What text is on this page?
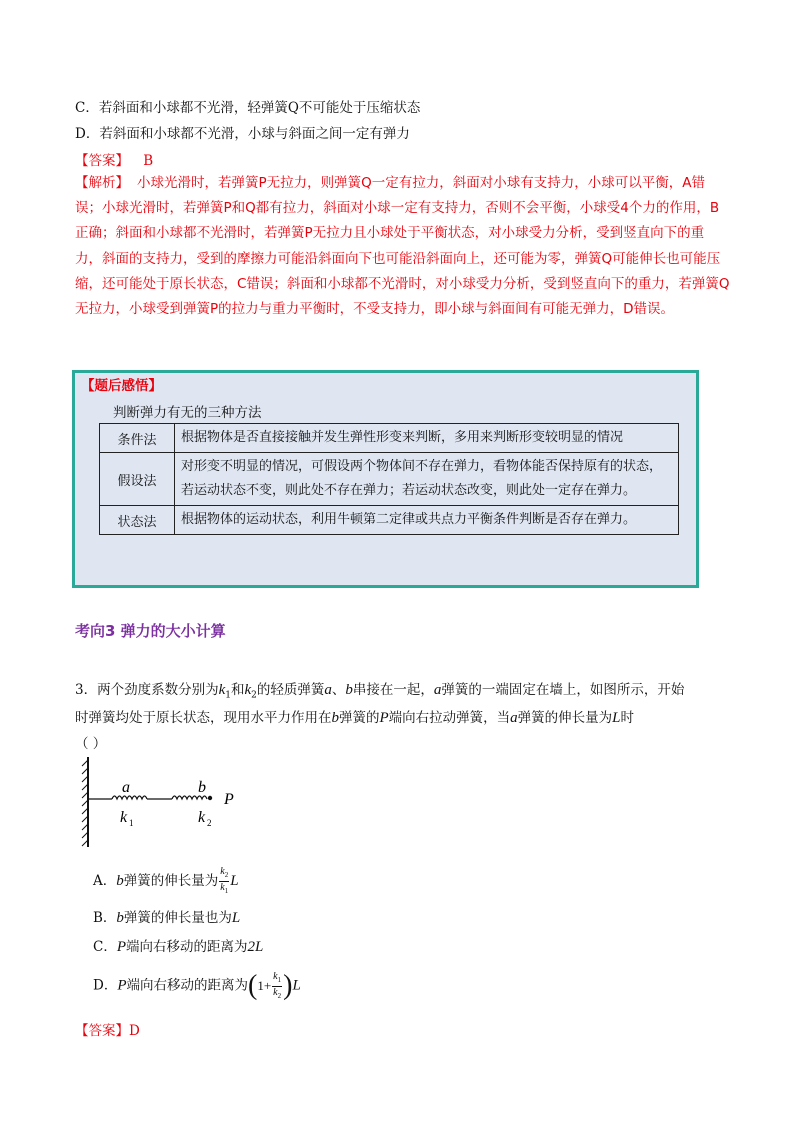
C．若斜面和小球都不光滑，轻弹簧Q不可能处于压缩状态
D．若斜面和小球都不光滑，小球与斜面之间一定有弹力
【答案】 B
【解析】 小球光滑时，若弹簧P无拉力，则弹簧Q一定有拉力，斜面对小球有支持力，小球可以平衡，A错误；小球光滑时，若弹簧P和Q都有拉力，斜面对小球一定有支持力，否则不会平衡，小球受4个力的作用，B正确；斜面和小球都不光滑时，若弹簧P无拉力且小球处于平衡状态，对小球受力分析，受到竖直向下的重力，斜面的支持力，受到的摩擦力可能沿斜面向下也可能沿斜面向上，还可能为零，弹簧Q可能伸长也可能压缩，还可能处于原长状态，C错误；斜面和小球都不光滑时，对小球受力分析，受到竖直向下的重力，若弹簧Q无拉力，小球受到弹簧P的拉力与重力平衡时，不受支持力，即小球与斜面间有可能无弹力，D错误。
【题后感悟】
判断弹力有无的三种方法
条件法	根据物体是否直接接触并发生弹性形变来判断，多用来判断形变较明显的情况
假设法	对形变不明显的情况，可假设两个物体间不存在弹力，看物体能否保持原有的状态，若运动状态不变，则此处不存在弹力；若运动状态改变，则此处一定存在弹力。
状态法	根据物体的运动状态，利用牛顿第二定律或共点力平衡条件判断是否存在弹力。
考向3 弹力的大小计算
3．两个劲度系数分别为$k_1$和$k_2$的轻质弹簧a、b串接在一起，a弹簧的一端固定在墙上，如图所示，开始
时弹簧均处于原长状态，现用水平力作用在b弹簧的P端向右拉动弹簧，当a弹簧的伸长量为L时
（ ）
a	b
P
k 1	k 2
A．b弹簧的伸长量为 $\frac{k_2}{k_1}$ L
B．b弹簧的伸长量也为L
C．P端向右移动的距离为2L
D．P端向右移动的距离为$(1+ \frac{k_1}{k_2} )L$
【答案】D
